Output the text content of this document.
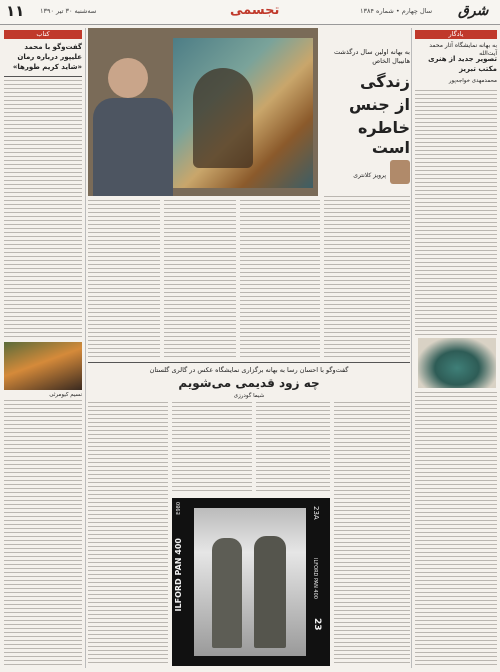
۱۱ سه‌شنبه ۳۰ تیر ۱۳۹۰	تجسمی	سال چهارم • شماره ۱۳۸۴ شرق
کتاب
گفت‌وگو با محمد علیپور درباره رمان «شاید کریم طورها»
نسیم کیومرثی
به بهانه اولین سال درگذشت هانیبال الخاص
زندگی
از جنس
خاطره است
پرویز کلانتری
گفت‌وگو با احسان رسا به بهانه برگزاری نمایشگاه عکس در گالری گلستان
چه زود قدیمی می‌شویم
شیما گودرزی
ILFORD PAN 400
23A
23
ILFORD PAN 400
E980
یادگار
به بهانه نمایشگاه آثار محمد آیت‌الله
تصویر جدید از هنری مکتب تبریز
محمدمهدی خواجه‌پور
